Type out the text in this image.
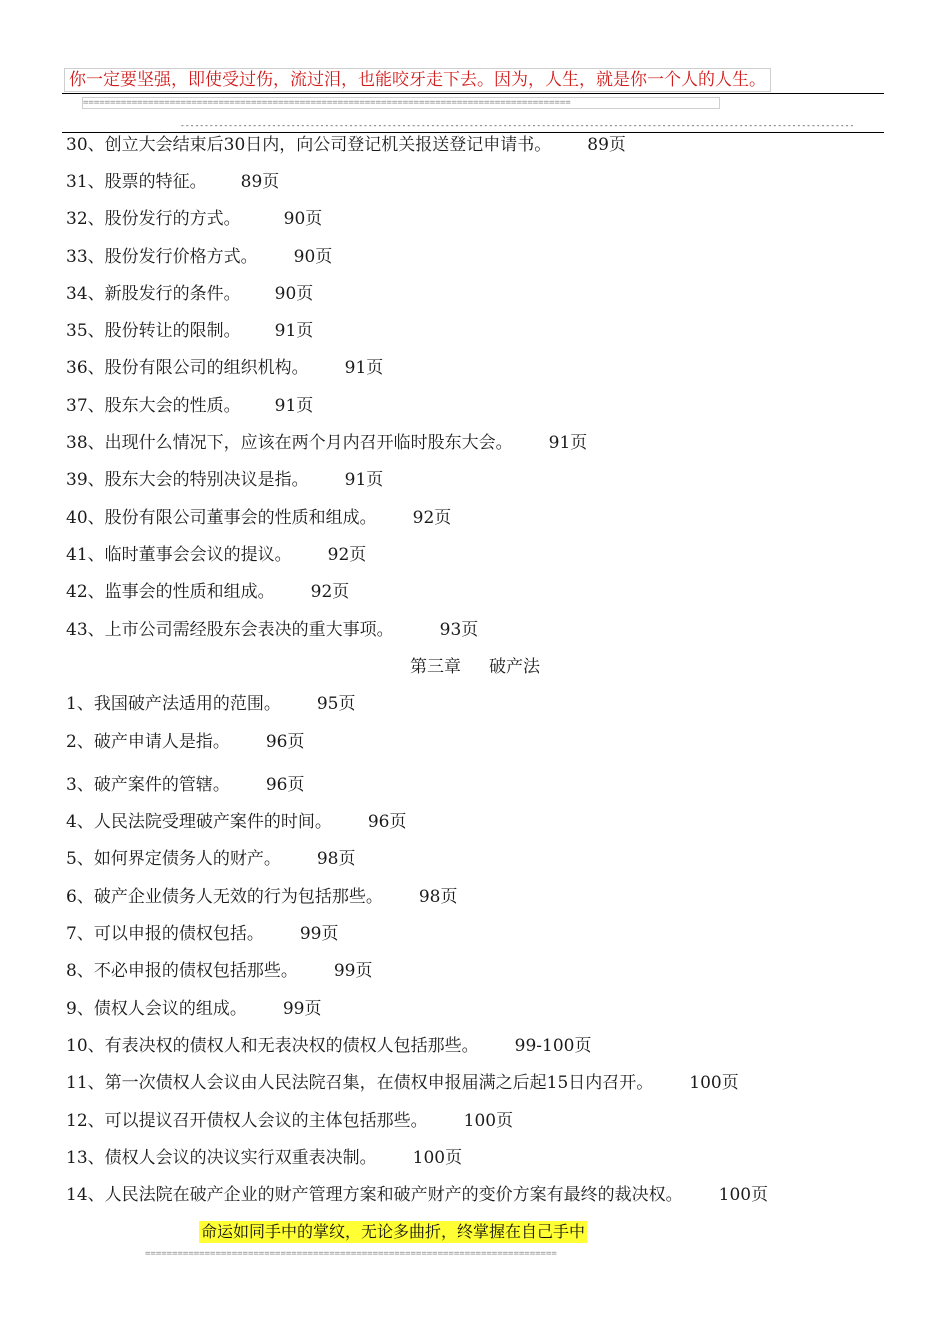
你一定要坚强，即使受过伤，流过泪，也能咬牙走下去。因为，人生，就是你一个人的人生。
==========================================================================================
--------------------------------------------------------------------------------------------------------------------------------------------
30、创立大会结束后30日内，向公司登记机关报送登记申请书。 89页
31、股票的特征。 89页
32、股份发行的方式。	90页
33、股份发行价格方式。 90页
34、新股发行的条件。 90页
35、股份转让的限制。 91页
36、股份有限公司的组织机构。 91页
37、股东大会的性质。 91页
38、出现什么情况下，应该在两个月内召开临时股东大会。 91页
39、股东大会的特别决议是指。 91页
40、股份有限公司董事会的性质和组成。 92页
41、临时董事会会议的提议。 92页
42、监事会的性质和组成。 92页
43、上市公司需经股东会表决的重大事项。	93页
第三章 破产法
1、我国破产法适用的范围。 95页
2、破产申请人是指。 96页
3、破产案件的管辖。 96页
4、人民法院受理破产案件的时间。 96页
5、如何界定债务人的财产。 98页
6、破产企业债务人无效的行为包括那些。 98页
7、可以申报的债权包括。 99页
8、不必申报的债权包括那些。 99页
9、债权人会议的组成。 99页
10、有表决权的债权人和无表决权的债权人包括那些。 99-100页
11、第一次债权人会议由人民法院召集，在债权申报届满之后起15日内召开。 100页
12、可以提议召开债权人会议的主体包括那些。 100页
13、债权人会议的决议实行双重表决制。 100页
14、人民法院在破产企业的财产管理方案和破产财产的变价方案有最终的裁决权。 100页
命运如同手中的掌纹，无论多曲折，终掌握在自己手中
============================================================================
